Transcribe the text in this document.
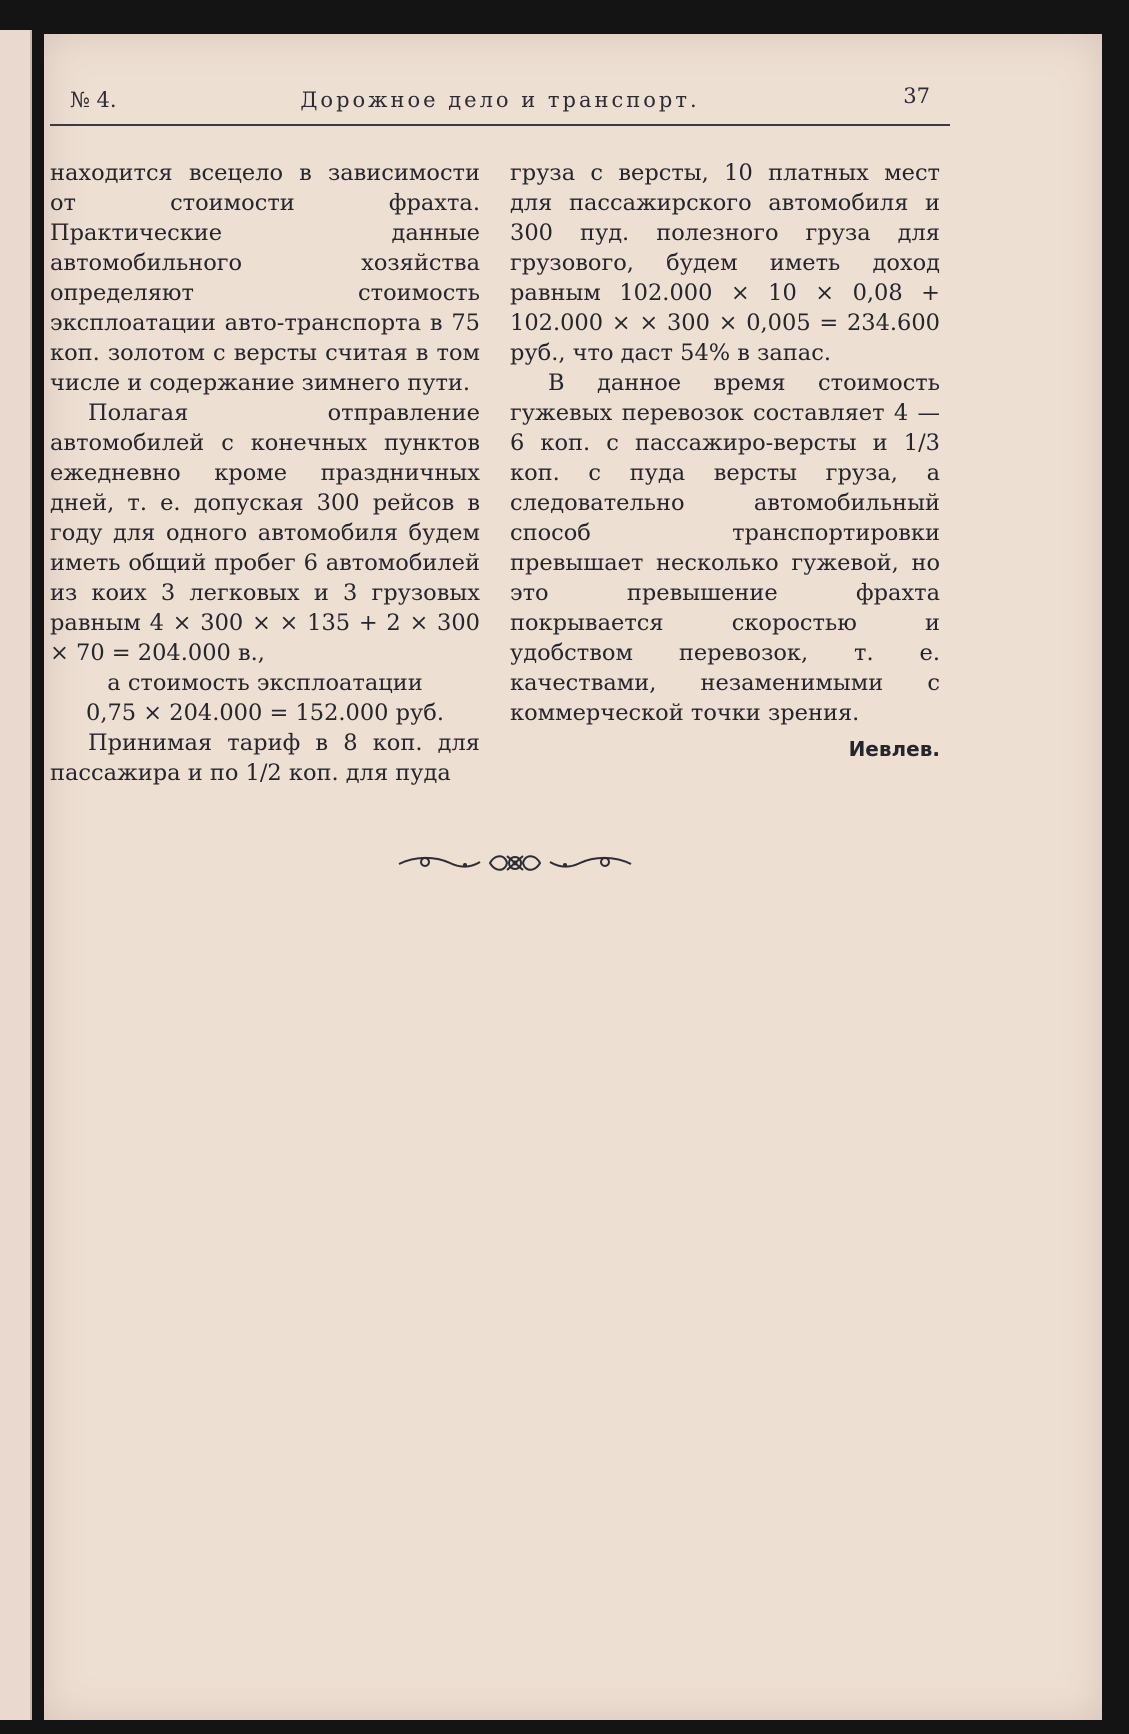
№ 4.	Дорожное дело и транспорт.	37

находится всецело в зависимости от стоимости фрахта. Практические данные автомобильного хозяйства определяют стоимость эксплоатации авто-транспорта в 75 коп. золотом с версты считая в том числе и содержание зимнего пути.

Полагая отправление автомобилей с конечных пунктов ежедневно кроме праздничных дней, т. е. допуская 300 рейсов в году для одного автомобиля будем иметь общий пробег 6 автомобилей из коих 3 легковых и 3 грузовых равным 4 × 300 × × 135 + 2 × 300 × 70 = 204.000 в.,

а стоимость эксплоатации
0,75 × 204.000 = 152.000 руб.

Принимая тариф в 8 коп. для пассажира и по 1/2 коп. для пуда

груза с версты, 10 платных мест для пассажирского автомобиля и 300 пуд. полезного груза для грузового, будем иметь доход равным 102.000 × 10 × 0,08 + 102.000 × × 300 × 0,005 = 234.600 руб., что даст 54% в запас.

В данное время стоимость гужевых перевозок составляет 4 — 6 коп. с пассажиро-версты и 1/3 коп. с пуда версты груза, а следовательно автомобильный способ транспортировки превышает несколько гужевой, но это превышение фрахта покрывается скоростью и удобством перевозок, т. е. качествами, незаменимыми с коммерческой точки зрения.

Иевлев.
